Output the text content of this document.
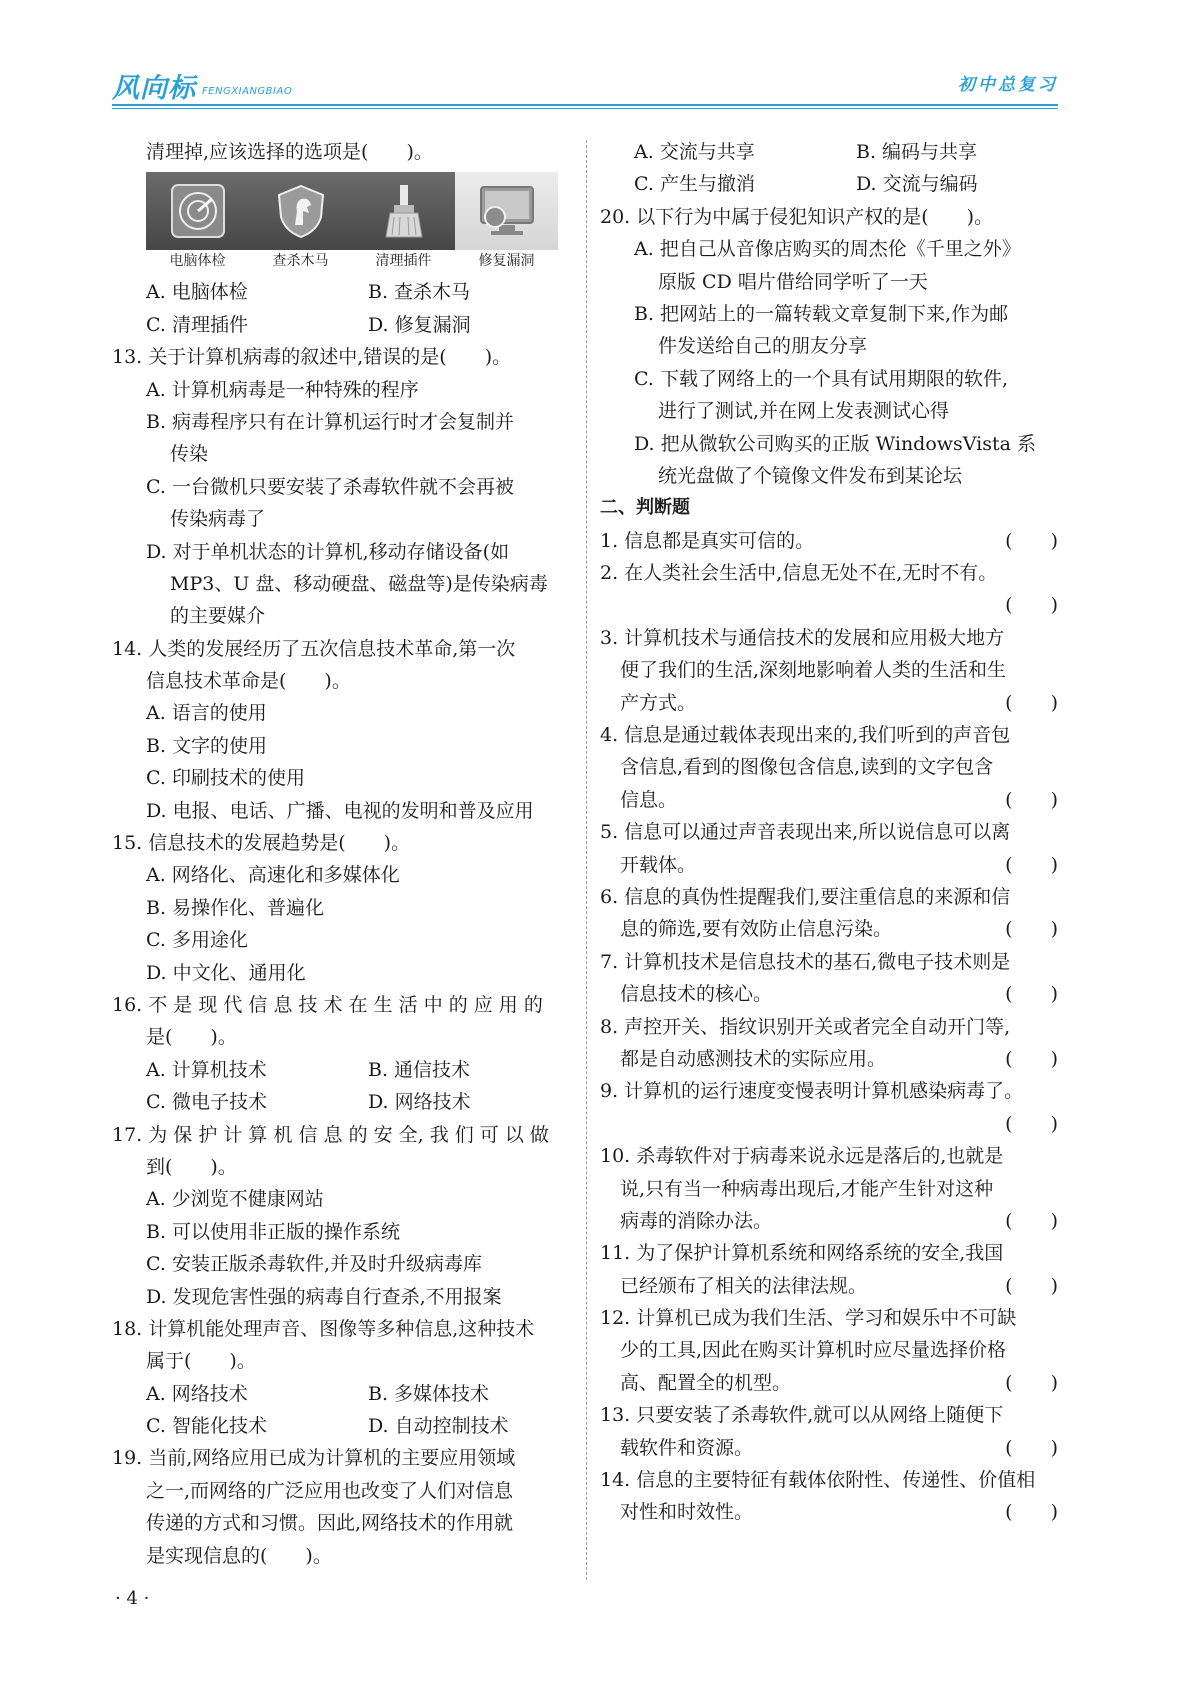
风向标 FENGXIANGBIAO	初中总复习
清理掉,应该选择的选项是(　　)。
电脑体检	查杀木马	清理插件	修复漏洞
A. 电脑体检	B. 查杀木马
C. 清理插件	D. 修复漏洞
13. 关于计算机病毒的叙述中,错误的是(　　)。
A. 计算机病毒是一种特殊的程序
B. 病毒程序只有在计算机运行时才会复制并
传染
C. 一台微机只要安装了杀毒软件就不会再被
传染病毒了
D. 对于单机状态的计算机,移动存储设备(如
MP3、U 盘、移动硬盘、磁盘等)是传染病毒
的主要媒介
14. 人类的发展经历了五次信息技术革命,第一次
信息技术革命是(　　)。
A. 语言的使用
B. 文字的使用
C. 印刷技术的使用
D. 电报、电话、广播、电视的发明和普及应用
15. 信息技术的发展趋势是(　　)。
A. 网络化、高速化和多媒体化
B. 易操作化、普遍化
C. 多用途化
D. 中文化、通用化
16. 不 是 现 代 信 息 技 术 在 生 活 中 的 应 用 的
是(　　)。
A. 计算机技术	B. 通信技术
C. 微电子技术	D. 网络技术
17. 为 保 护 计 算 机 信 息 的 安 全, 我 们 可 以 做
到(　　)。
A. 少浏览不健康网站
B. 可以使用非正版的操作系统
C. 安装正版杀毒软件,并及时升级病毒库
D. 发现危害性强的病毒自行查杀,不用报案
18. 计算机能处理声音、图像等多种信息,这种技术
属于(　　)。
A. 网络技术	B. 多媒体技术
C. 智能化技术	D. 自动控制技术
19. 当前,网络应用已成为计算机的主要应用领域
之一,而网络的广泛应用也改变了人们对信息
传递的方式和习惯。因此,网络技术的作用就
是实现信息的(　　)。
A. 交流与共享	B. 编码与共享
C. 产生与撤消	D. 交流与编码
20. 以下行为中属于侵犯知识产权的是(　　)。
A. 把自己从音像店购买的周杰伦《千里之外》
原版 CD 唱片借给同学听了一天
B. 把网站上的一篇转载文章复制下来,作为邮
件发送给自己的朋友分享
C. 下载了网络上的一个具有试用期限的软件,
进行了测试,并在网上发表测试心得
D. 把从微软公司购买的正版 WindowsVista 系
统光盘做了个镜像文件发布到某论坛
二、判断题
1. 信息都是真实可信的。	(　　)
2. 在人类社会生活中,信息无处不在,无时不有。
(　　)
3. 计算机技术与通信技术的发展和应用极大地方
便了我们的生活,深刻地影响着人类的生活和生
产方式。	(　　)
4. 信息是通过载体表现出来的,我们听到的声音包
含信息,看到的图像包含信息,读到的文字包含
信息。	(　　)
5. 信息可以通过声音表现出来,所以说信息可以离
开载体。	(　　)
6. 信息的真伪性提醒我们,要注重信息的来源和信
息的筛选,要有效防止信息污染。	(　　)
7. 计算机技术是信息技术的基石,微电子技术则是
信息技术的核心。	(　　)
8. 声控开关、指纹识别开关或者完全自动开门等,
都是自动感测技术的实际应用。	(　　)
9. 计算机的运行速度变慢表明计算机感染病毒了。
(　　)
10. 杀毒软件对于病毒来说永远是落后的,也就是
说,只有当一种病毒出现后,才能产生针对这种
病毒的消除办法。	(　　)
11. 为了保护计算机系统和网络系统的安全,我国
已经颁布了相关的法律法规。	(　　)
12. 计算机已成为我们生活、学习和娱乐中不可缺
少的工具,因此在购买计算机时应尽量选择价格
高、配置全的机型。	(　　)
13. 只要安装了杀毒软件,就可以从网络上随便下
载软件和资源。	(　　)
14. 信息的主要特征有载体依附性、传递性、价值相
对性和时效性。	(　　)
· 4 ·
